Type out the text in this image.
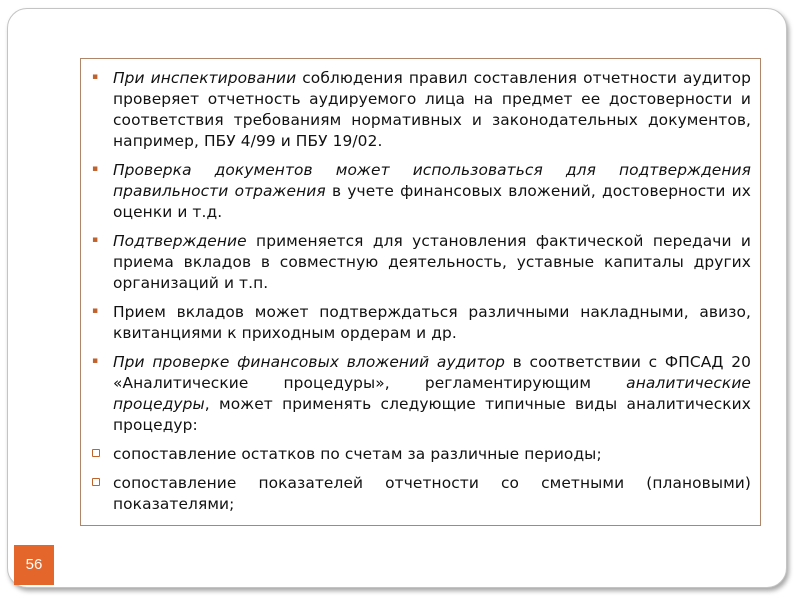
▪
При инспектировании соблюдения правил составления отчетности аудитор проверяет отчетность аудируемого лица на предмет ее достоверности и соответствия требованиям нормативных и законодательных документов, например, ПБУ 4/99 и ПБУ 19/02.
▪
Проверка документов может использоваться для подтверждения правильности отражения в учете финансовых вложений, достоверности их оценки и т.д.
▪
Подтверждение применяется для установления фактической передачи и приема вкладов в совместную деятельность, уставные капиталы других организаций и т.п.
▪
Прием вкладов может подтверждаться различными накладными, авизо, квитанциями к приходным ордерам и др.
▪
При проверке финансовых вложений аудитор в соответствии с ФПСАД 20 «Аналитические процедуры», регламентирующим аналитические процедуры, может применять следующие типичные виды аналитических процедур:
сопоставление остатков по счетам за различные периоды;
сопоставление показателей отчетности со сметными (плановыми) показателями;
56
